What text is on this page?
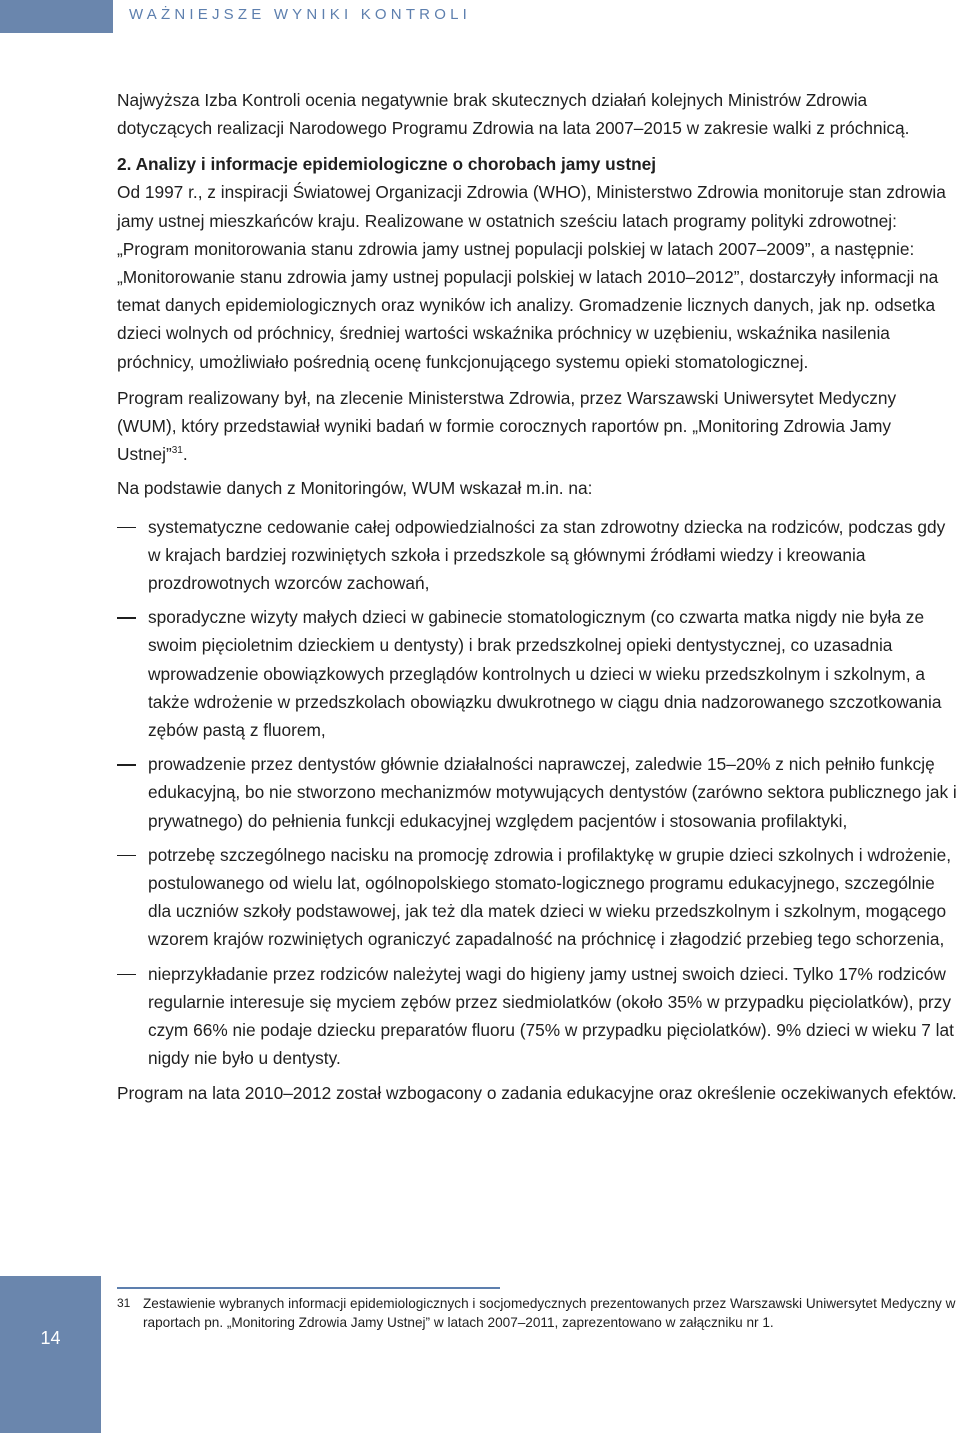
WAŻNIEJSZE WYNIKI KONTROLI

Najwyższa Izba Kontroli ocenia negatywnie brak skutecznych działań kolejnych Ministrów Zdrowia dotyczących realizacji Narodowego Programu Zdrowia na lata 2007–2015 w zakresie walki z próchnicą.

2. Analizy i informacje epidemiologiczne o chorobach jamy ustnej

Od 1997 r., z inspiracji Światowej Organizacji Zdrowia (WHO), Ministerstwo Zdrowia monitoruje stan zdrowia jamy ustnej mieszkańców kraju. Realizowane w ostatnich sześciu latach programy polityki zdrowotnej: „Program monitorowania stanu zdrowia jamy ustnej populacji polskiej w latach 2007–2009”, a następnie: „Monitorowanie stanu zdrowia jamy ustnej populacji polskiej w latach 2010–2012”, dostarczyły informacji na temat danych epidemiologicznych oraz wyników ich analizy. Gromadzenie licznych danych, jak np. odsetka dzieci wolnych od próchnicy, średniej wartości wskaźnika próchnicy w uzębieniu, wskaźnika nasilenia próchnicy, umożliwiało pośrednią ocenę funkcjonującego systemu opieki stomatologicznej.

Program realizowany był, na zlecenie Ministerstwa Zdrowia, przez Warszawski Uniwersytet Medyczny (WUM), który przedstawiał wyniki badań w formie corocznych raportów pn. „Monitoring Zdrowia Jamy Ustnej”$^{31}$.

Na podstawie danych z Monitoringów, WUM wskazał m.in. na:

systematyczne cedowanie całej odpowiedzialności za stan zdrowotny dziecka na rodziców, podczas gdy w krajach bardziej rozwiniętych szkoła i przedszkole są głównymi źródłami wiedzy i kreowania prozdrowotnych wzorców zachowań,
sporadyczne wizyty małych dzieci w gabinecie stomatologicznym (co czwarta matka nigdy nie była ze swoim pięcioletnim dzieckiem u dentysty) i brak przedszkolnej opieki dentystycznej, co uzasadnia wprowadzenie obowiązkowych przeglądów kontrolnych u dzieci w wieku przedszkolnym i szkolnym, a także wdrożenie w przedszkolach obowiązku dwukrotnego w ciągu dnia nadzorowanego szczotkowania zębów pastą z fluorem,
prowadzenie przez dentystów głównie działalności naprawczej, zaledwie 15–20% z nich pełniło funkcję edukacyjną, bo nie stworzono mechanizmów motywujących dentystów (zarówno sektora publicznego jak i prywatnego) do pełnienia funkcji edukacyjnej względem pacjentów i stosowania profilaktyki,
potrzebę szczególnego nacisku na promocję zdrowia i profilaktykę w grupie dzieci szkolnych i wdrożenie, postulowanego od wielu lat, ogólnopolskiego stomato-logicznego programu edukacyjnego, szczególnie dla uczniów szkoły podstawowej, jak też dla matek dzieci w wieku przedszkolnym i szkolnym, mogącego wzorem krajów rozwiniętych ograniczyć zapadalność na próchnicę i złagodzić przebieg tego schorzenia,
nieprzykładanie przez rodziców należytej wagi do higieny jamy ustnej swoich dzieci. Tylko 17% rodziców regularnie interesuje się myciem zębów przez siedmiolatków (około 35% w przypadku pięciolatków), przy czym 66% nie podaje dziecku preparatów fluoru (75% w przypadku pięciolatków). 9% dzieci w wieku 7 lat nigdy nie było u dentysty.

Program na lata 2010–2012 został wzbogacony o zadania edukacyjne oraz określenie oczekiwanych efektów.

14
31 Zestawienie wybranych informacji epidemiologicznych i socjomedycznych prezentowanych przez Warszawski Uniwersytet Medyczny w raportach pn. „Monitoring Zdrowia Jamy Ustnej” w latach 2007–2011, zaprezentowano w załączniku nr 1.
